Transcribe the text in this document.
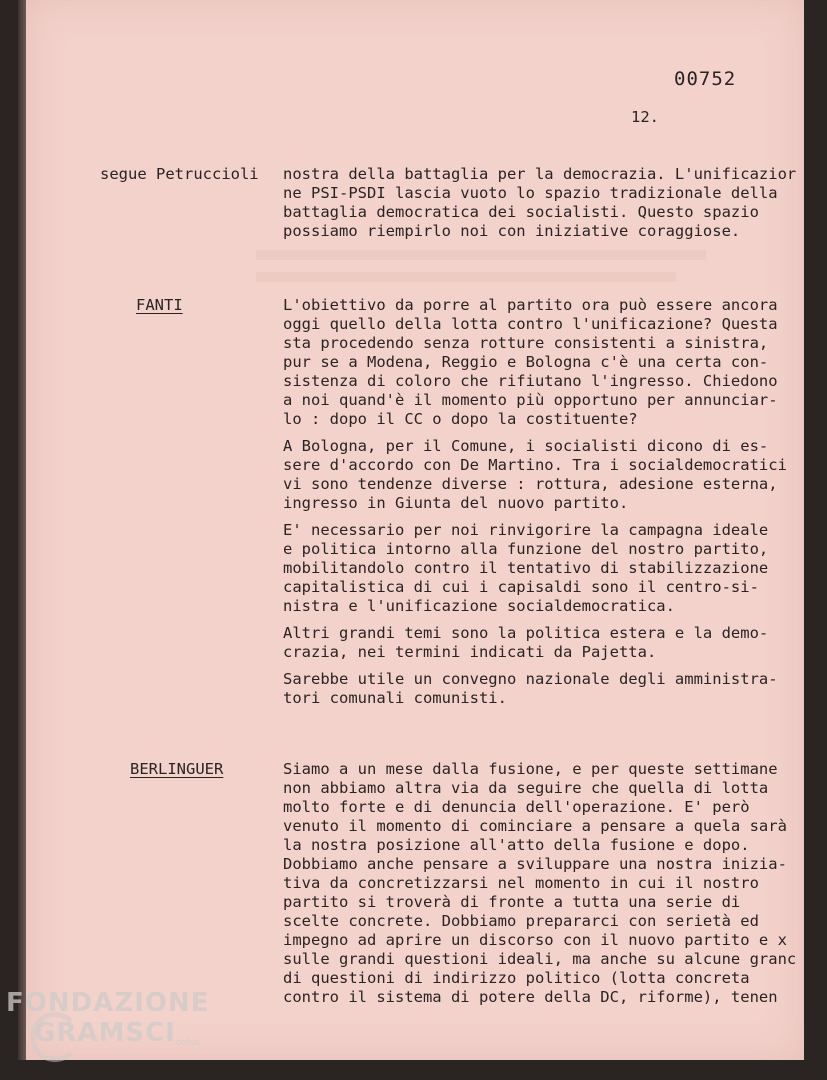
00752
12.
segue Petruccioli nostra della battaglia per la democrazia. L'unificazior
ne PSI-PSDI lascia vuoto lo spazio tradizionale della
battaglia democratica dei socialisti. Questo spazio
possiamo riempirlo noi con iniziative coraggiose.
FANTI	L'obiettivo da porre al partito ora può essere ancora
oggi quello della lotta contro l'unificazione? Questa
sta procedendo senza rotture consistenti a sinistra,
pur se a Modena, Reggio e Bologna c'è una certa con-
sistenza di coloro che rifiutano l'ingresso. Chiedono
a noi quand'è il momento più opportuno per annunciar-
lo : dopo il CC o dopo la costituente?
A Bologna, per il Comune, i socialisti dicono di es-
sere d'accordo con De Martino. Tra i socialdemocratici
vi sono tendenze diverse : rottura, adesione esterna,
ingresso in Giunta del nuovo partito.
E' necessario per noi rinvigorire la campagna ideale
e politica intorno alla funzione del nostro partito,
mobilitandolo contro il tentativo di stabilizzazione
capitalistica di cui i capisaldi sono il centro-si-
nistra e l'unificazione socialdemocratica.
Altri grandi temi sono la politica estera e la demo-
crazia, nei termini indicati da Pajetta.
Sarebbe utile un convegno nazionale degli amministra-
tori comunali comunisti.
BERLINGUER	Siamo a un mese dalla fusione, e per queste settimane
non abbiamo altra via da seguire che quella di lotta
molto forte e di denuncia dell'operazione. E' però
venuto il momento di cominciare a pensare a quela sarà
la nostra posizione all'atto della fusione e dopo.
Dobbiamo anche pensare a sviluppare una nostra inizia-
tiva da concretizzarsi nel momento in cui il nostro
partito si troverà di fronte a tutta una serie di
scelte concrete. Dobbiamo prepararci con serietà ed
impegno ad aprire un discorso con il nuovo partito e x
sulle grandi questioni ideali, ma anche su alcune granc
di questioni di indirizzo politico (lotta concreta
contro il sistema di potere della DC, riforme), tenen
FONDAZIONE
GRAMSCI onlus
